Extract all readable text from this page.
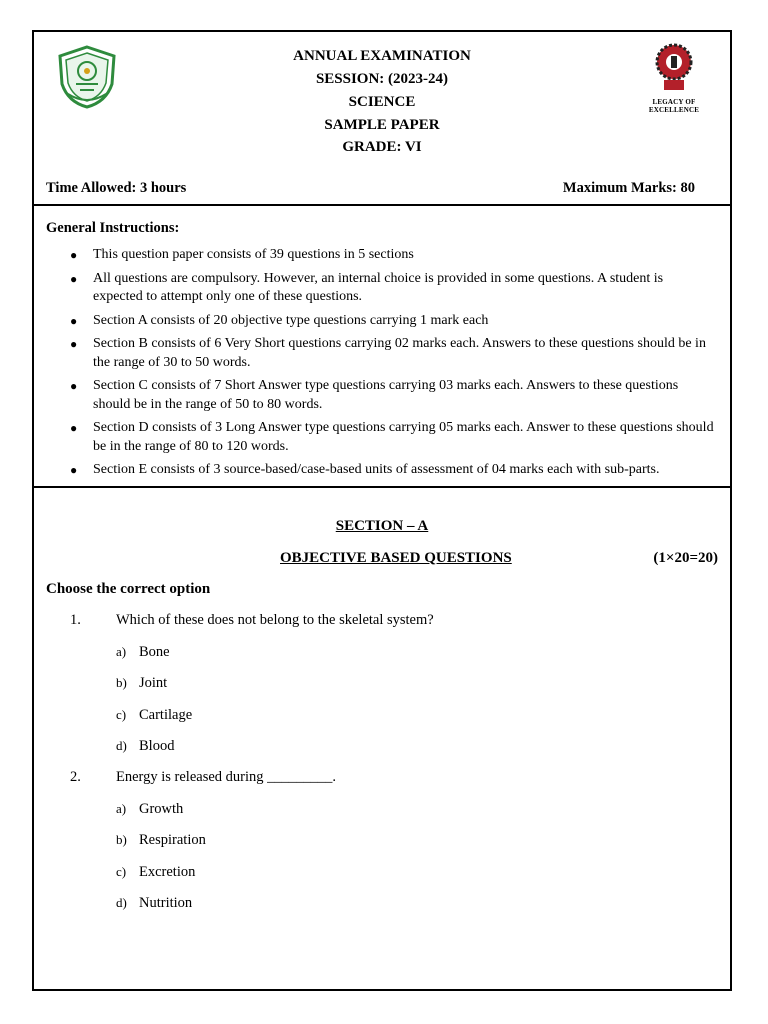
ANNUAL EXAMINATION
SESSION: (2023-24)
SCIENCE
SAMPLE PAPER
GRADE: VI
LEGACY OF EXCELLENCE
Time Allowed: 3 hours	Maximum Marks: 80
General Instructions:
● This question paper consists of 39 questions in 5 sections
● All questions are compulsory. However, an internal choice is provided in some questions. A student is expected to attempt only one of these questions.
● Section A consists of 20 objective type questions carrying 1 mark each
● Section B consists of 6 Very Short questions carrying 02 marks each. Answers to these questions should be in the range of 30 to 50 words.
● Section C consists of 7 Short Answer type questions carrying 03 marks each. Answers to these questions should be in the range of 50 to 80 words.
● Section D consists of 3 Long Answer type questions carrying 05 marks each. Answer to these questions should be in the range of 80 to 120 words.
● Section E consists of 3 source-based/case-based units of assessment of 04 marks each with sub-parts.
SECTION – A
OBJECTIVE BASED QUESTIONS	(1×20=20)
Choose the correct option
1. Which of these does not belong to the skeletal system?
a) Bone
b) Joint
c) Cartilage
d) Blood
2. Energy is released during _________.
a) Growth
b) Respiration
c) Excretion
d) Nutrition
